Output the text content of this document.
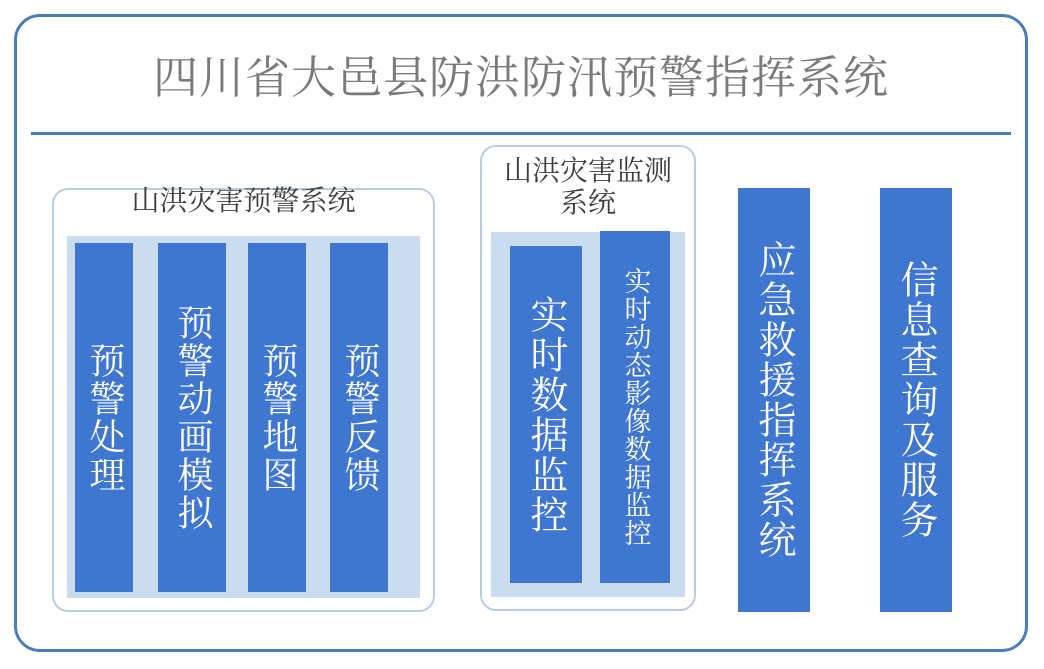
四川省大邑县防洪防汛预警指挥系统
山洪灾害预警系统
预警处理 预警动画模拟 预警地图 预警反馈
山洪灾害监测系统
实时数据监控 实时动态影像数据监控	应急救援指挥系统	信息查询及服务
